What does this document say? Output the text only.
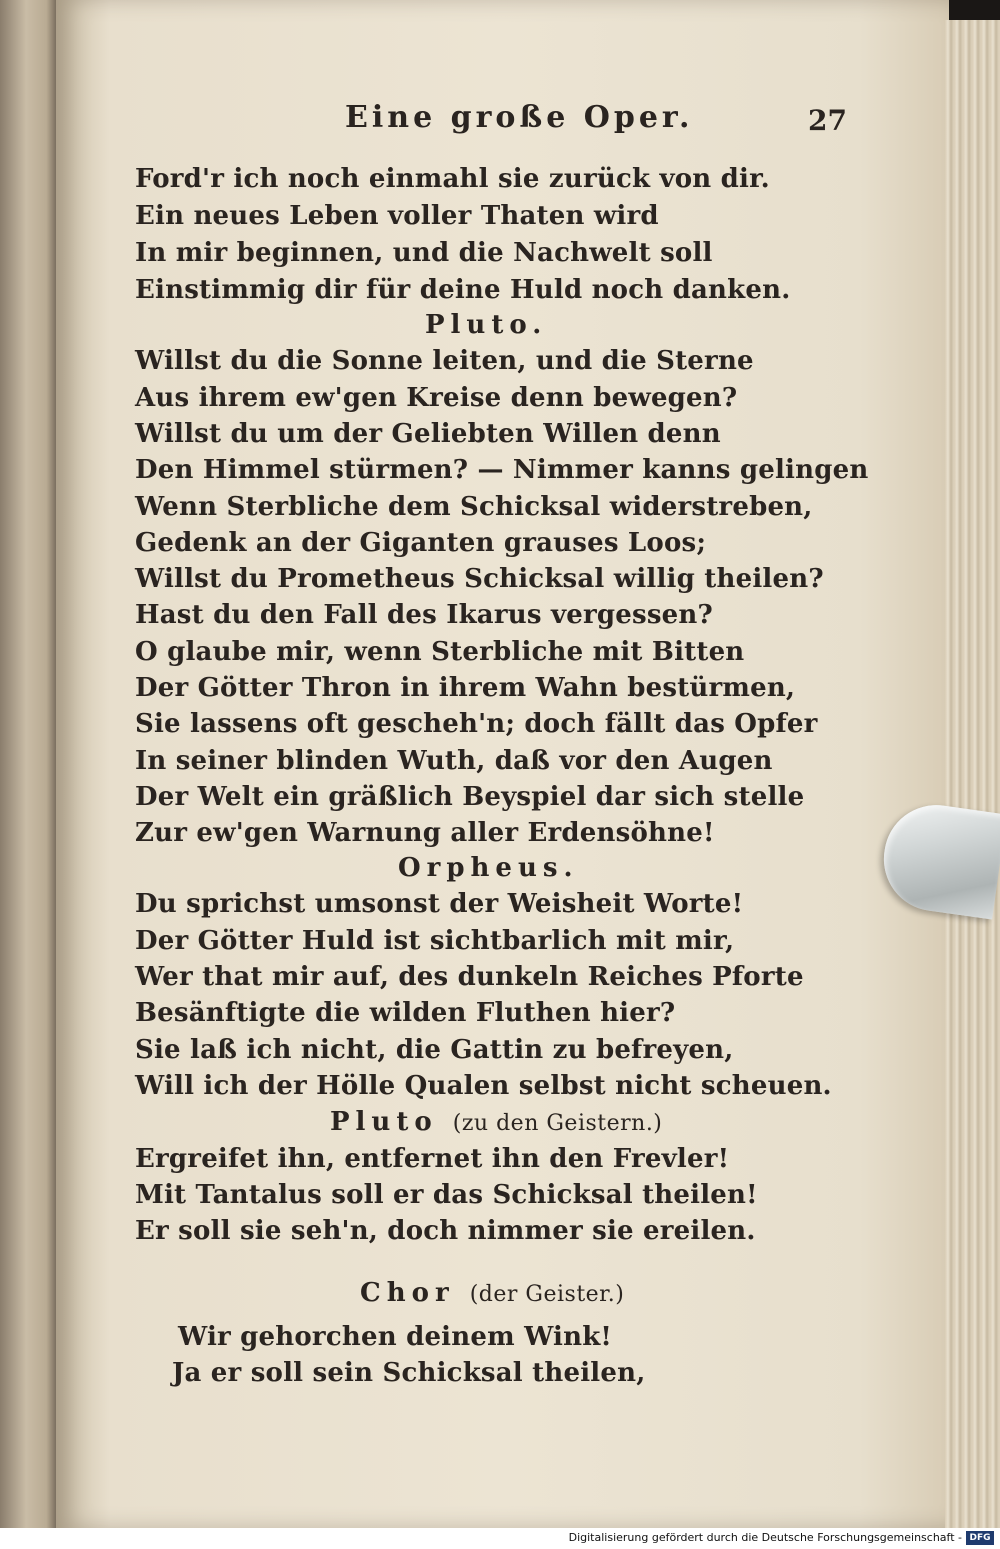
Eine große Oper.	27
Ford'r ich noch einmahl sie zurück von dir.
Ein neues Leben voller Thaten wird
In mir beginnen, und die Nachwelt soll
Einstimmig dir für deine Huld noch danken.
Pluto.
Willst du die Sonne leiten, und die Sterne
Aus ihrem ew'gen Kreise denn bewegen?
Willst du um der Geliebten Willen denn
Den Himmel stürmen? — Nimmer kanns gelingen
Wenn Sterbliche dem Schicksal widerstreben,
Gedenk an der Giganten grauses Loos;
Willst du Prometheus Schicksal willig theilen?
Hast du den Fall des Ikarus vergessen?
O glaube mir, wenn Sterbliche mit Bitten
Der Götter Thron in ihrem Wahn bestürmen,
Sie lassens oft gescheh'n; doch fällt das Opfer
In seiner blinden Wuth, daß vor den Augen
Der Welt ein gräßlich Beyspiel dar sich stelle
Zur ew'gen Warnung aller Erdensöhne!
Orpheus.
Du sprichst umsonst der Weisheit Worte!
Der Götter Huld ist sichtbarlich mit mir,
Wer that mir auf, des dunkeln Reiches Pforte
Besänftigte die wilden Fluthen hier?
Sie laß ich nicht, die Gattin zu befreyen,
Will ich der Hölle Qualen selbst nicht scheuen.
Pluto (zu den Geistern.)
Ergreifet ihn, entfernet ihn den Frevler!
Mit Tantalus soll er das Schicksal theilen!
Er soll sie seh'n, doch nimmer sie ereilen.
Chor (der Geister.)
Wir gehorchen deinem Wink!
Ja er soll sein Schicksal theilen,
Digitalisierung gefördert durch die Deutsche Forschungsgemeinschaft - DFG
